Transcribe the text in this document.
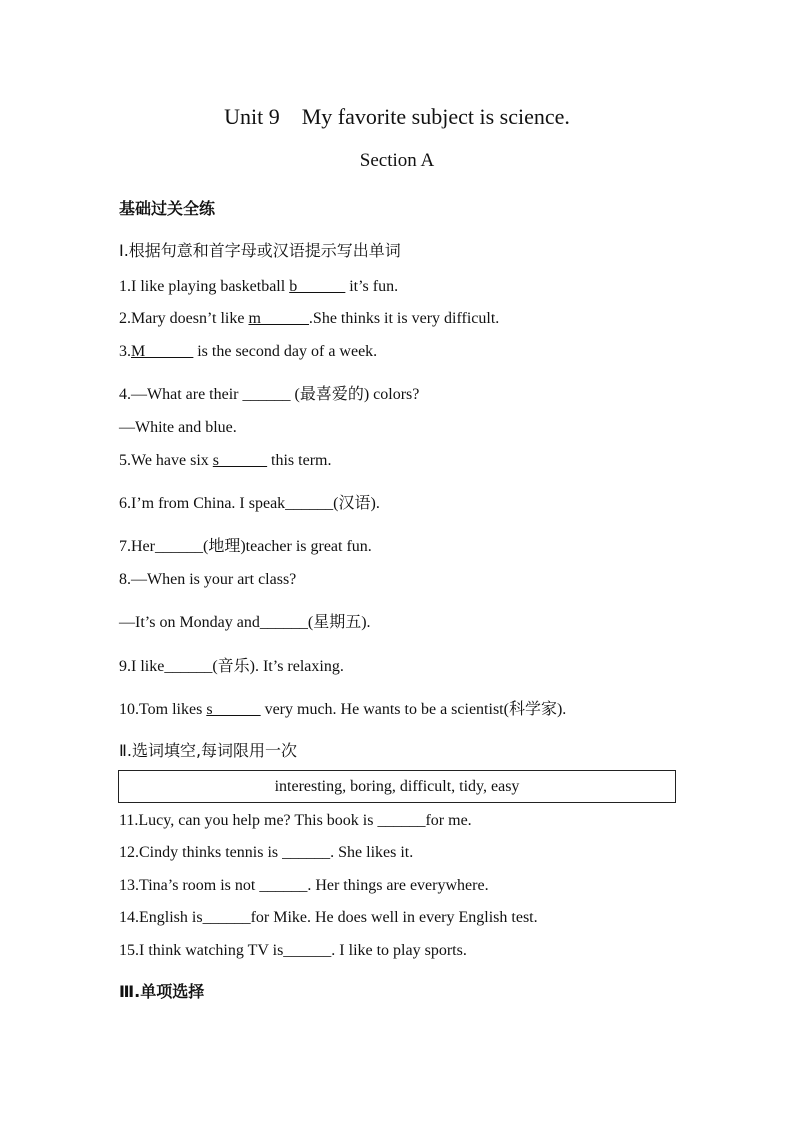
Unit 9 My favorite subject is science.
Section A
基础过关全练
Ⅰ.根据句意和首字母或汉语提示写出单词
1.I like playing basketball b______ it’s fun.
2.Mary doesn’t like m______.She thinks it is very difficult.
3.M______ is the second day of a week.
4.—What are their ______ (最喜爱的) colors?
—White and blue.
5.We have six s______ this term.
6.I’m from China. I speak______(汉语).
7.Her______(地理)teacher is great fun.
8.—When is your art class?
—It’s on Monday and______(星期五).
9.I like______(音乐). It’s relaxing.
10.Tom likes s______ very much. He wants to be a scientist(科学家).
Ⅱ.选词填空,每词限用一次
interesting, boring, difficult, tidy, easy
11.Lucy, can you help me? This book is ______for me.
12.Cindy thinks tennis is ______. She likes it.
13.Tina’s room is not ______. Her things are everywhere.
14.English is______for Mike. He does well in every English test.
15.I think watching TV is______. I like to play sports.
Ⅲ.单项选择
